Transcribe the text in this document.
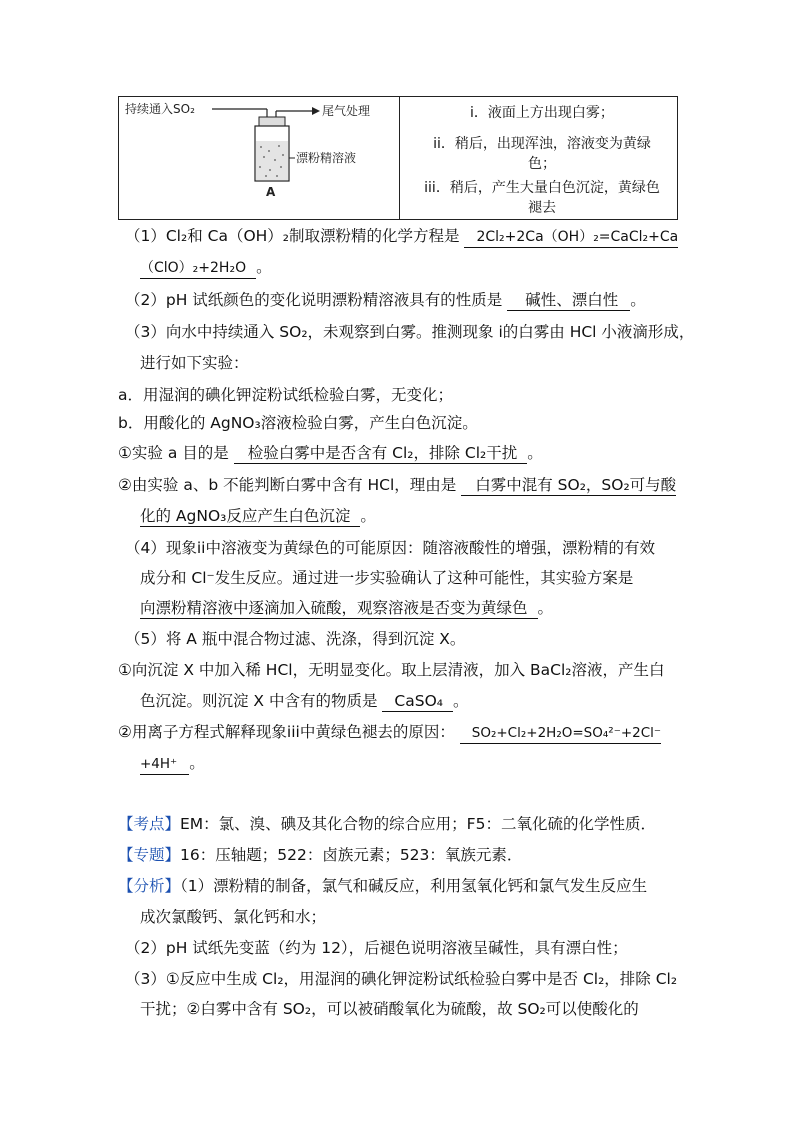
持续通入SO₂	尾气处理
漂粉精溶液
A
i．液面上方出现白雾；
ii．稍后，出现浑浊，溶液变为黄绿
色；
iii．稍后，产生大量白色沉淀，黄绿色
褪去
（1）Cl₂和 Ca（OH）₂制取漂粉精的化学方程是 2Cl₂+2Ca（OH）₂=CaCl₂+Ca
（ClO）₂+2H₂O 。
（2）pH 试纸颜色的变化说明漂粉精溶液具有的性质是 碱性、漂白性 。
（3）向水中持续通入 SO₂，未观察到白雾。推测现象 i的白雾由 HCl 小液滴形成，
进行如下实验：
a．用湿润的碘化钾淀粉试纸检验白雾，无变化；
b．用酸化的 AgNO₃溶液检验白雾，产生白色沉淀。
①实验 a 目的是 检验白雾中是否含有 Cl₂，排除 Cl₂干扰 。
②由实验 a、b 不能判断白雾中含有 HCl，理由是 白雾中混有 SO₂，SO₂可与酸
化的 AgNO₃反应产生白色沉淀 。
（4）现象ii中溶液变为黄绿色的可能原因：随溶液酸性的增强，漂粉精的有效
成分和 Cl⁻发生反应。通过进一步实验确认了这种可能性，其实验方案是
向漂粉精溶液中逐滴加入硫酸，观察溶液是否变为黄绿色 。
（5）将 A 瓶中混合物过滤、洗涤，得到沉淀 X。
①向沉淀 X 中加入稀 HCl，无明显变化。取上层清液，加入 BaCl₂溶液，产生白
色沉淀。则沉淀 X 中含有的物质是 CaSO₄ 。
②用离子方程式解释现象iii中黄绿色褪去的原因： SO₂+Cl₂+2H₂O=SO₄²⁻+2Cl⁻
+4H⁺ 。
【考点】EM：氯、溴、碘及其化合物的综合应用；F5：二氧化硫的化学性质．
【专题】16：压轴题；522：卤族元素；523：氧族元素．
【分析】（1）漂粉精的制备，氯气和碱反应，利用氢氧化钙和氯气发生反应生
成次氯酸钙、氯化钙和水；
（2）pH 试纸先变蓝（约为 12），后褪色说明溶液呈碱性，具有漂白性；
（3）①反应中生成 Cl₂，用湿润的碘化钾淀粉试纸检验白雾中是否 Cl₂，排除 Cl₂
干扰；②白雾中含有 SO₂，可以被硝酸氧化为硫酸，故 SO₂可以使酸化的
